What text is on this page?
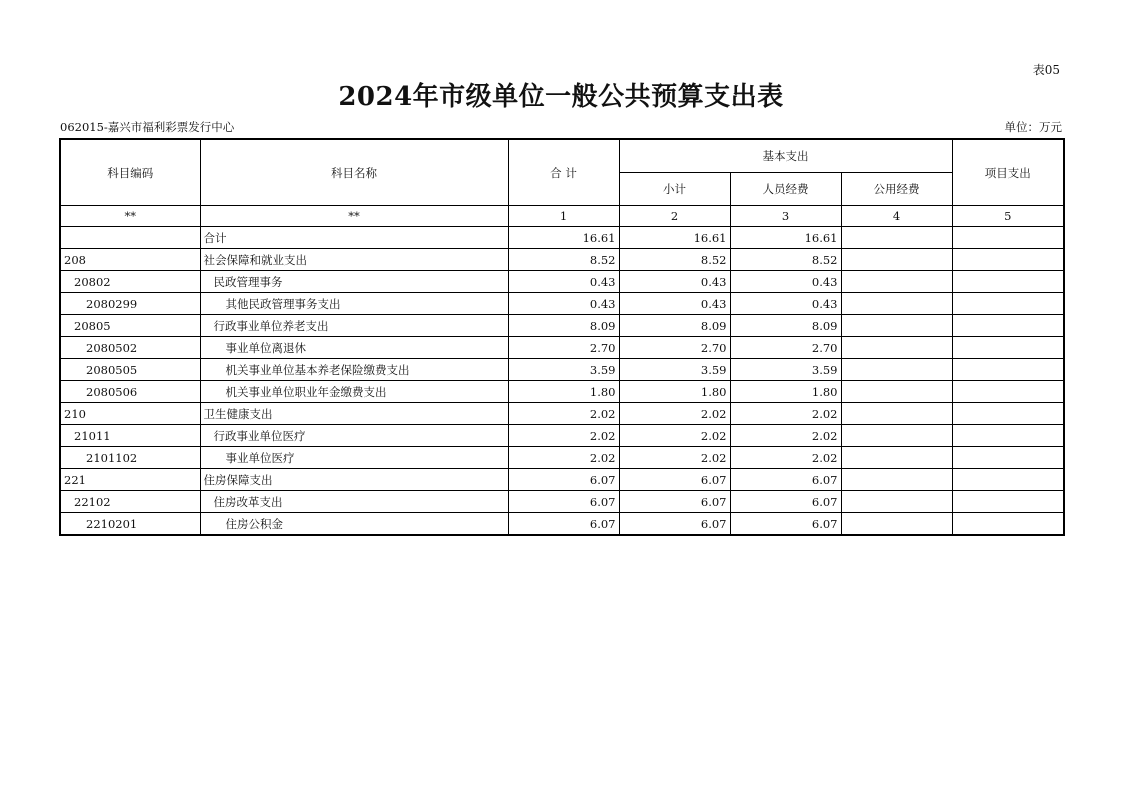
表05
2024年市级单位一般公共预算支出表
062015-嘉兴市福利彩票发行中心	单位：万元
科目编码	科目名称	合 计	基本支出			项目支出
			小计	人员经费	公用经费	
**	**	1	2	3	4	5
	合计	16.61	16.61	16.61		
208	社会保障和就业支出	8.52	8.52	8.52		
20802	民政管理事务	0.43	0.43	0.43		
2080299	其他民政管理事务支出	0.43	0.43	0.43		
20805	行政事业单位养老支出	8.09	8.09	8.09		
2080502	事业单位离退休	2.70	2.70	2.70		
2080505	机关事业单位基本养老保险缴费支出	3.59	3.59	3.59		
2080506	机关事业单位职业年金缴费支出	1.80	1.80	1.80		
210	卫生健康支出	2.02	2.02	2.02		
21011	行政事业单位医疗	2.02	2.02	2.02		
2101102	事业单位医疗	2.02	2.02	2.02		
221	住房保障支出	6.07	6.07	6.07		
22102	住房改革支出	6.07	6.07	6.07		
2210201	住房公积金	6.07	6.07	6.07		
